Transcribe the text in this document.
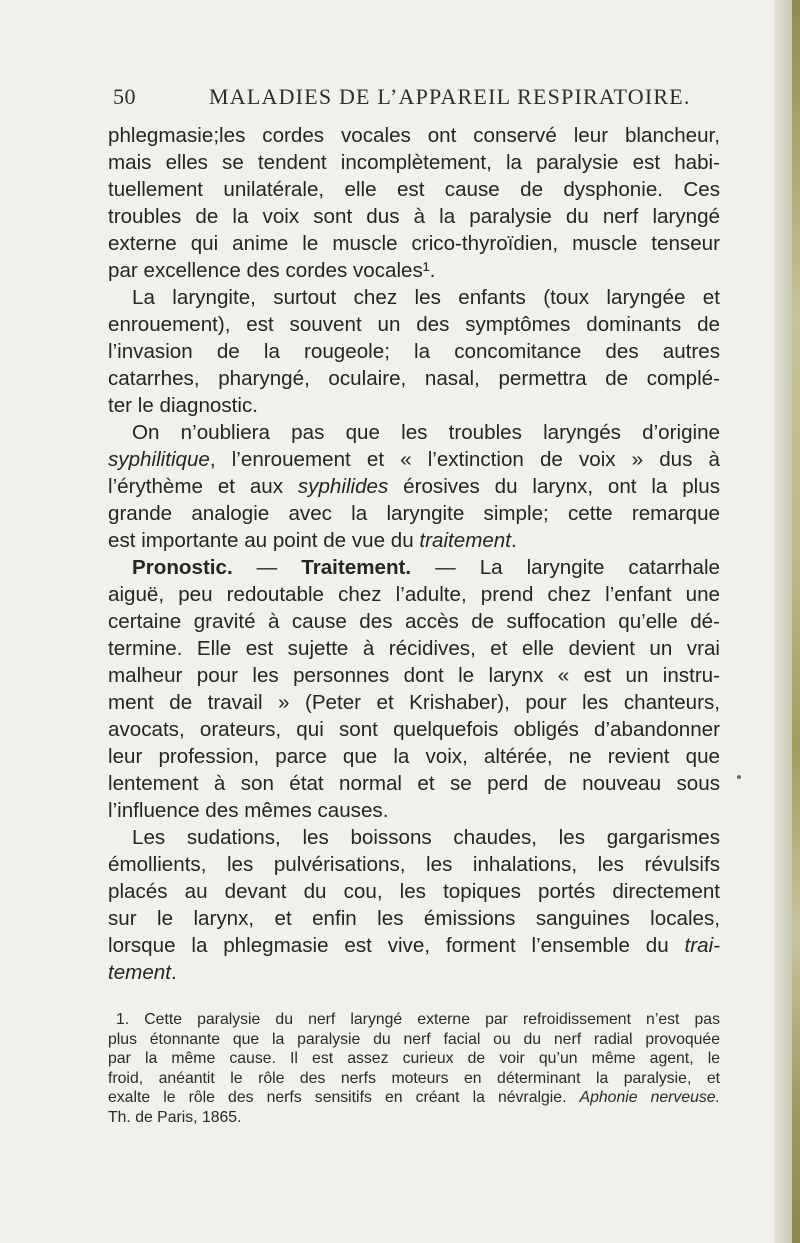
50	MALADIES DE L’APPAREIL RESPIRATOIRE.
phlegmasie;les cordes vocales ont conservé leur blancheur,
mais elles se tendent incomplètement, la paralysie est habi-
tuellement unilatérale, elle est cause de dysphonie. Ces
troubles de la voix sont dus à la paralysie du nerf laryngé
externe qui anime le muscle crico-thyroïdien, muscle tenseur
par excellence des cordes vocales¹.
La laryngite, surtout chez les enfants (toux laryngée et
enrouement), est souvent un des symptômes dominants de
l’invasion de la rougeole; la concomitance des autres
catarrhes, pharyngé, oculaire, nasal, permettra de complé-
ter le diagnostic.
On n’oubliera pas que les troubles laryngés d’origine
syphilitique, l’enrouement et « l’extinction de voix » dus à
l’érythème et aux syphilides érosives du larynx, ont la plus
grande analogie avec la laryngite simple; cette remarque
est importante au point de vue du traitement.
Pronostic. — Traitement. — La laryngite catarrhale
aiguë, peu redoutable chez l’adulte, prend chez l’enfant une
certaine gravité à cause des accès de suffocation qu’elle dé-
termine. Elle est sujette à récidives, et elle devient un vrai
malheur pour les personnes dont le larynx « est un instru-
ment de travail » (Peter et Krishaber), pour les chanteurs,
avocats, orateurs, qui sont quelquefois obligés d’abandonner
leur profession, parce que la voix, altérée, ne revient que
lentement à son état normal et se perd de nouveau sous
l’influence des mêmes causes.
Les sudations, les boissons chaudes, les gargarismes
émollients, les pulvérisations, les inhalations, les révulsifs
placés au devant du cou, les topiques portés directement
sur le larynx, et enfin les émissions sanguines locales,
lorsque la phlegmasie est vive, forment l’ensemble du trai-
tement.
1. Cette paralysie du nerf laryngé externe par refroidissement n’est pas
plus étonnante que la paralysie du nerf facial ou du nerf radial provoquée
par la même cause. Il est assez curieux de voir qu’un même agent, le
froid, anéantit le rôle des nerfs moteurs en déterminant la paralysie, et
exalte le rôle des nerfs sensitifs en créant la névralgie. Aphonie nerveuse.
Th. de Paris, 1865.
